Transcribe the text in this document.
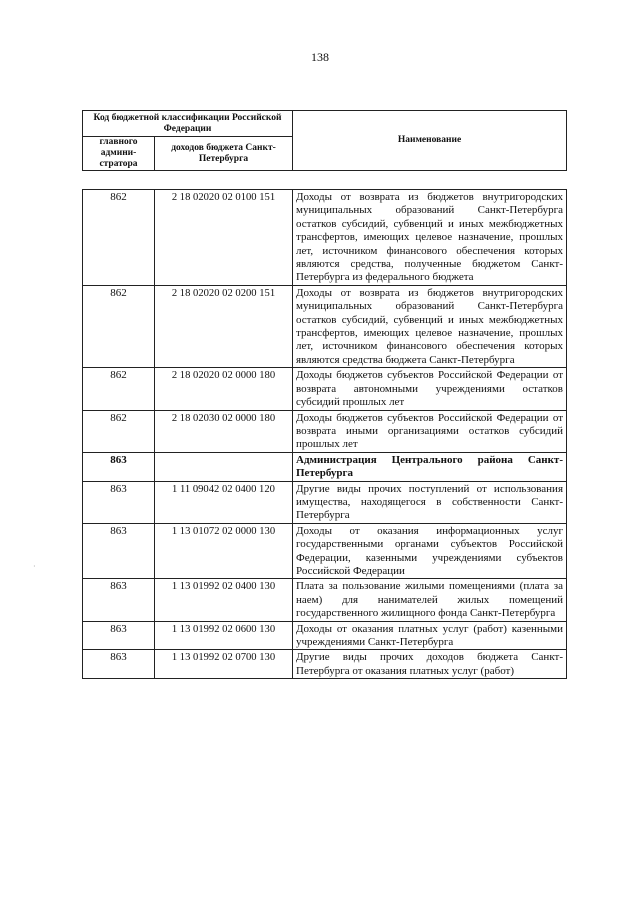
138
Код бюджетной классификации Российской Федерации		Наименование
главного админи-стратора	доходов бюджета Санкт-Петербурга	
862	2 18 02020 02 0100 151	Доходы от возврата из бюджетов внутригородских муниципальных образований Санкт-Петербурга остатков субсидий, субвенций и иных межбюджетных трансфертов, имеющих целевое назначение, прошлых лет, источником финансового обеспечения которых являются средства, полученные бюджетом Санкт-Петербурга из федерального бюджета
862	2 18 02020 02 0200 151	Доходы от возврата из бюджетов внутригородских муниципальных образований Санкт-Петербурга остатков субсидий, субвенций и иных межбюджетных трансфертов, имеющих целевое назначение, прошлых лет, источником финансового обеспечения которых являются средства бюджета Санкт-Петербурга
862	2 18 02020 02 0000 180	Доходы бюджетов субъектов Российской Федерации от возврата автономными учреждениями остатков субсидий прошлых лет
862	2 18 02030 02 0000 180	Доходы бюджетов субъектов Российской Федерации от возврата иными организациями остатков субсидий прошлых лет
863		Администрация Центрального района Санкт-Петербурга
863	1 11 09042 02 0400 120	Другие виды прочих поступлений от использования имущества, находящегося в собственности Санкт-Петербурга
863	1 13 01072 02 0000 130	Доходы от оказания информационных услуг государственными органами субъектов Российской Федерации, казенными учреждениями субъектов Российской Федерации
863	1 13 01992 02 0400 130	Плата за пользование жилыми помещениями (плата за наем) для нанимателей жилых помещений государственного жилищного фонда Санкт-Петербурга
863	1 13 01992 02 0600 130	Доходы от оказания платных услуг (работ) казенными учреждениями Санкт-Петербурга
863	1 13 01992 02 0700 130	Другие виды прочих доходов бюджета Санкт-Петербурга от оказания платных услуг (работ)
·
